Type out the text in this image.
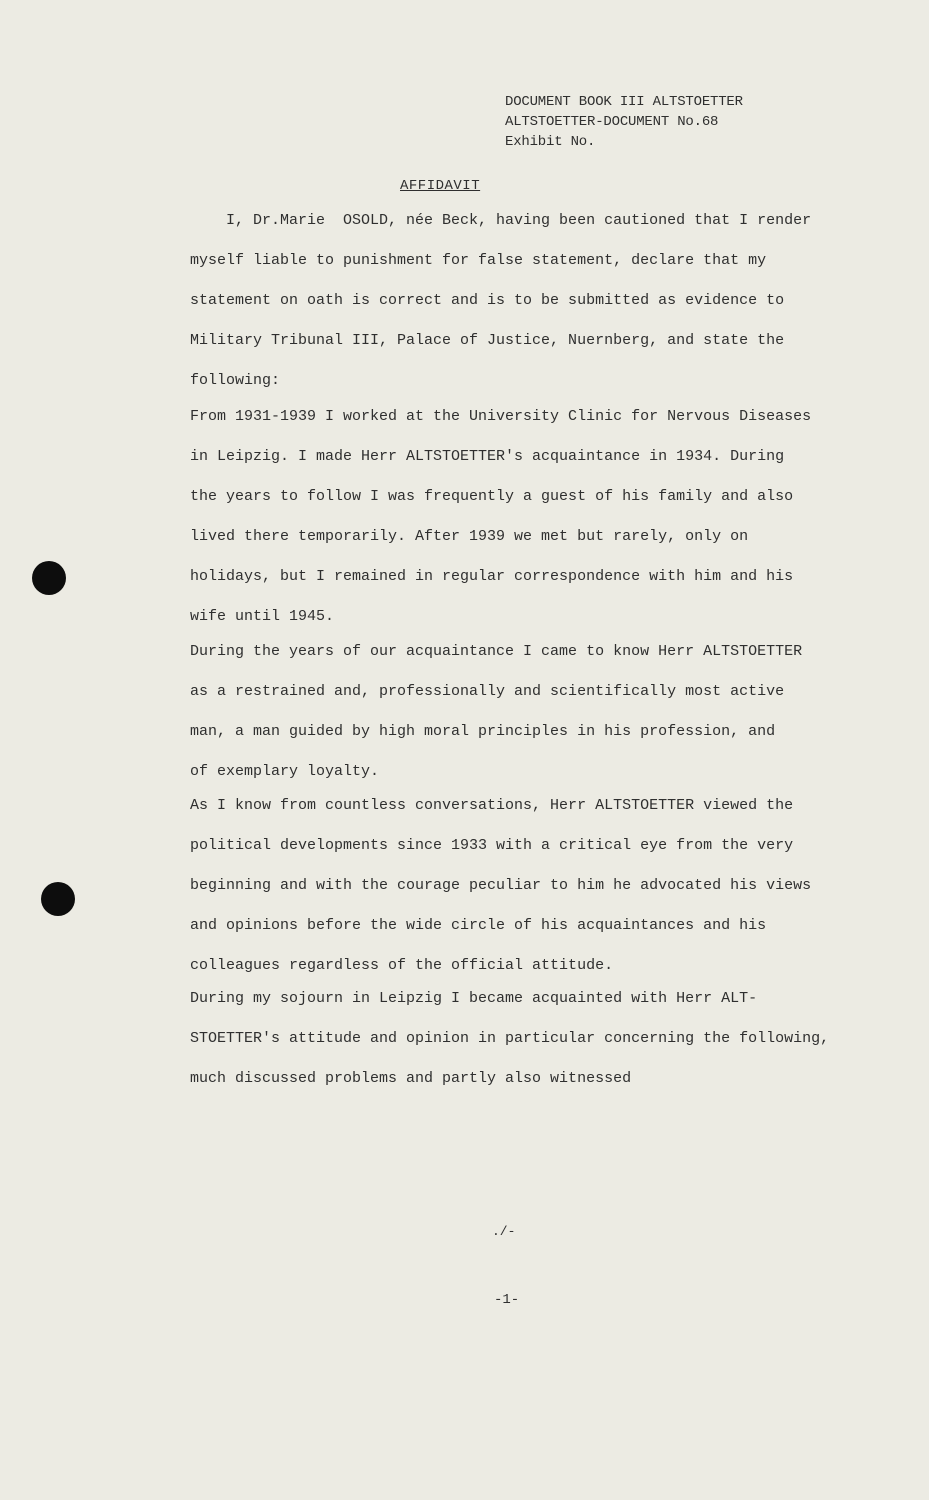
DOCUMENT BOOK III ALTSTOETTER
ALTSTOETTER-DOCUMENT No.68
Exhibit No.
AFFIDAVIT

I, Dr.Marie  OSOLD, née Beck, having been cautioned that I render

myself liable to punishment for false statement, declare that my

statement on oath is correct and is to be submitted as evidence to

Military Tribunal III, Palace of Justice, Nuernberg, and state the

following:

From 1931-1939 I worked at the University Clinic for Nervous Diseases

in Leipzig. I made Herr ALTSTOETTER's acquaintance in 1934. During

the years to follow I was frequently a guest of his family and also

lived there temporarily. After 1939 we met but rarely, only on

holidays, but I remained in regular correspondence with him and his

wife until 1945.

During the years of our acquaintance I came to know Herr ALTSTOETTER

as a restrained and, professionally and scientifically most active

man, a man guided by high moral principles in his profession, and

of exemplary loyalty.

As I know from countless conversations, Herr ALTSTOETTER viewed the

political developments since 1933 with a critical eye from the very

beginning and with the courage peculiar to him he advocated his views

and opinions before the wide circle of his acquaintances and his

colleagues regardless of the official attitude.

During my sojourn in Leipzig I became acquainted with Herr ALT-

STOETTER's attitude and opinion in particular concerning the following,

much discussed problems and partly also witnessed

./-
-1-
